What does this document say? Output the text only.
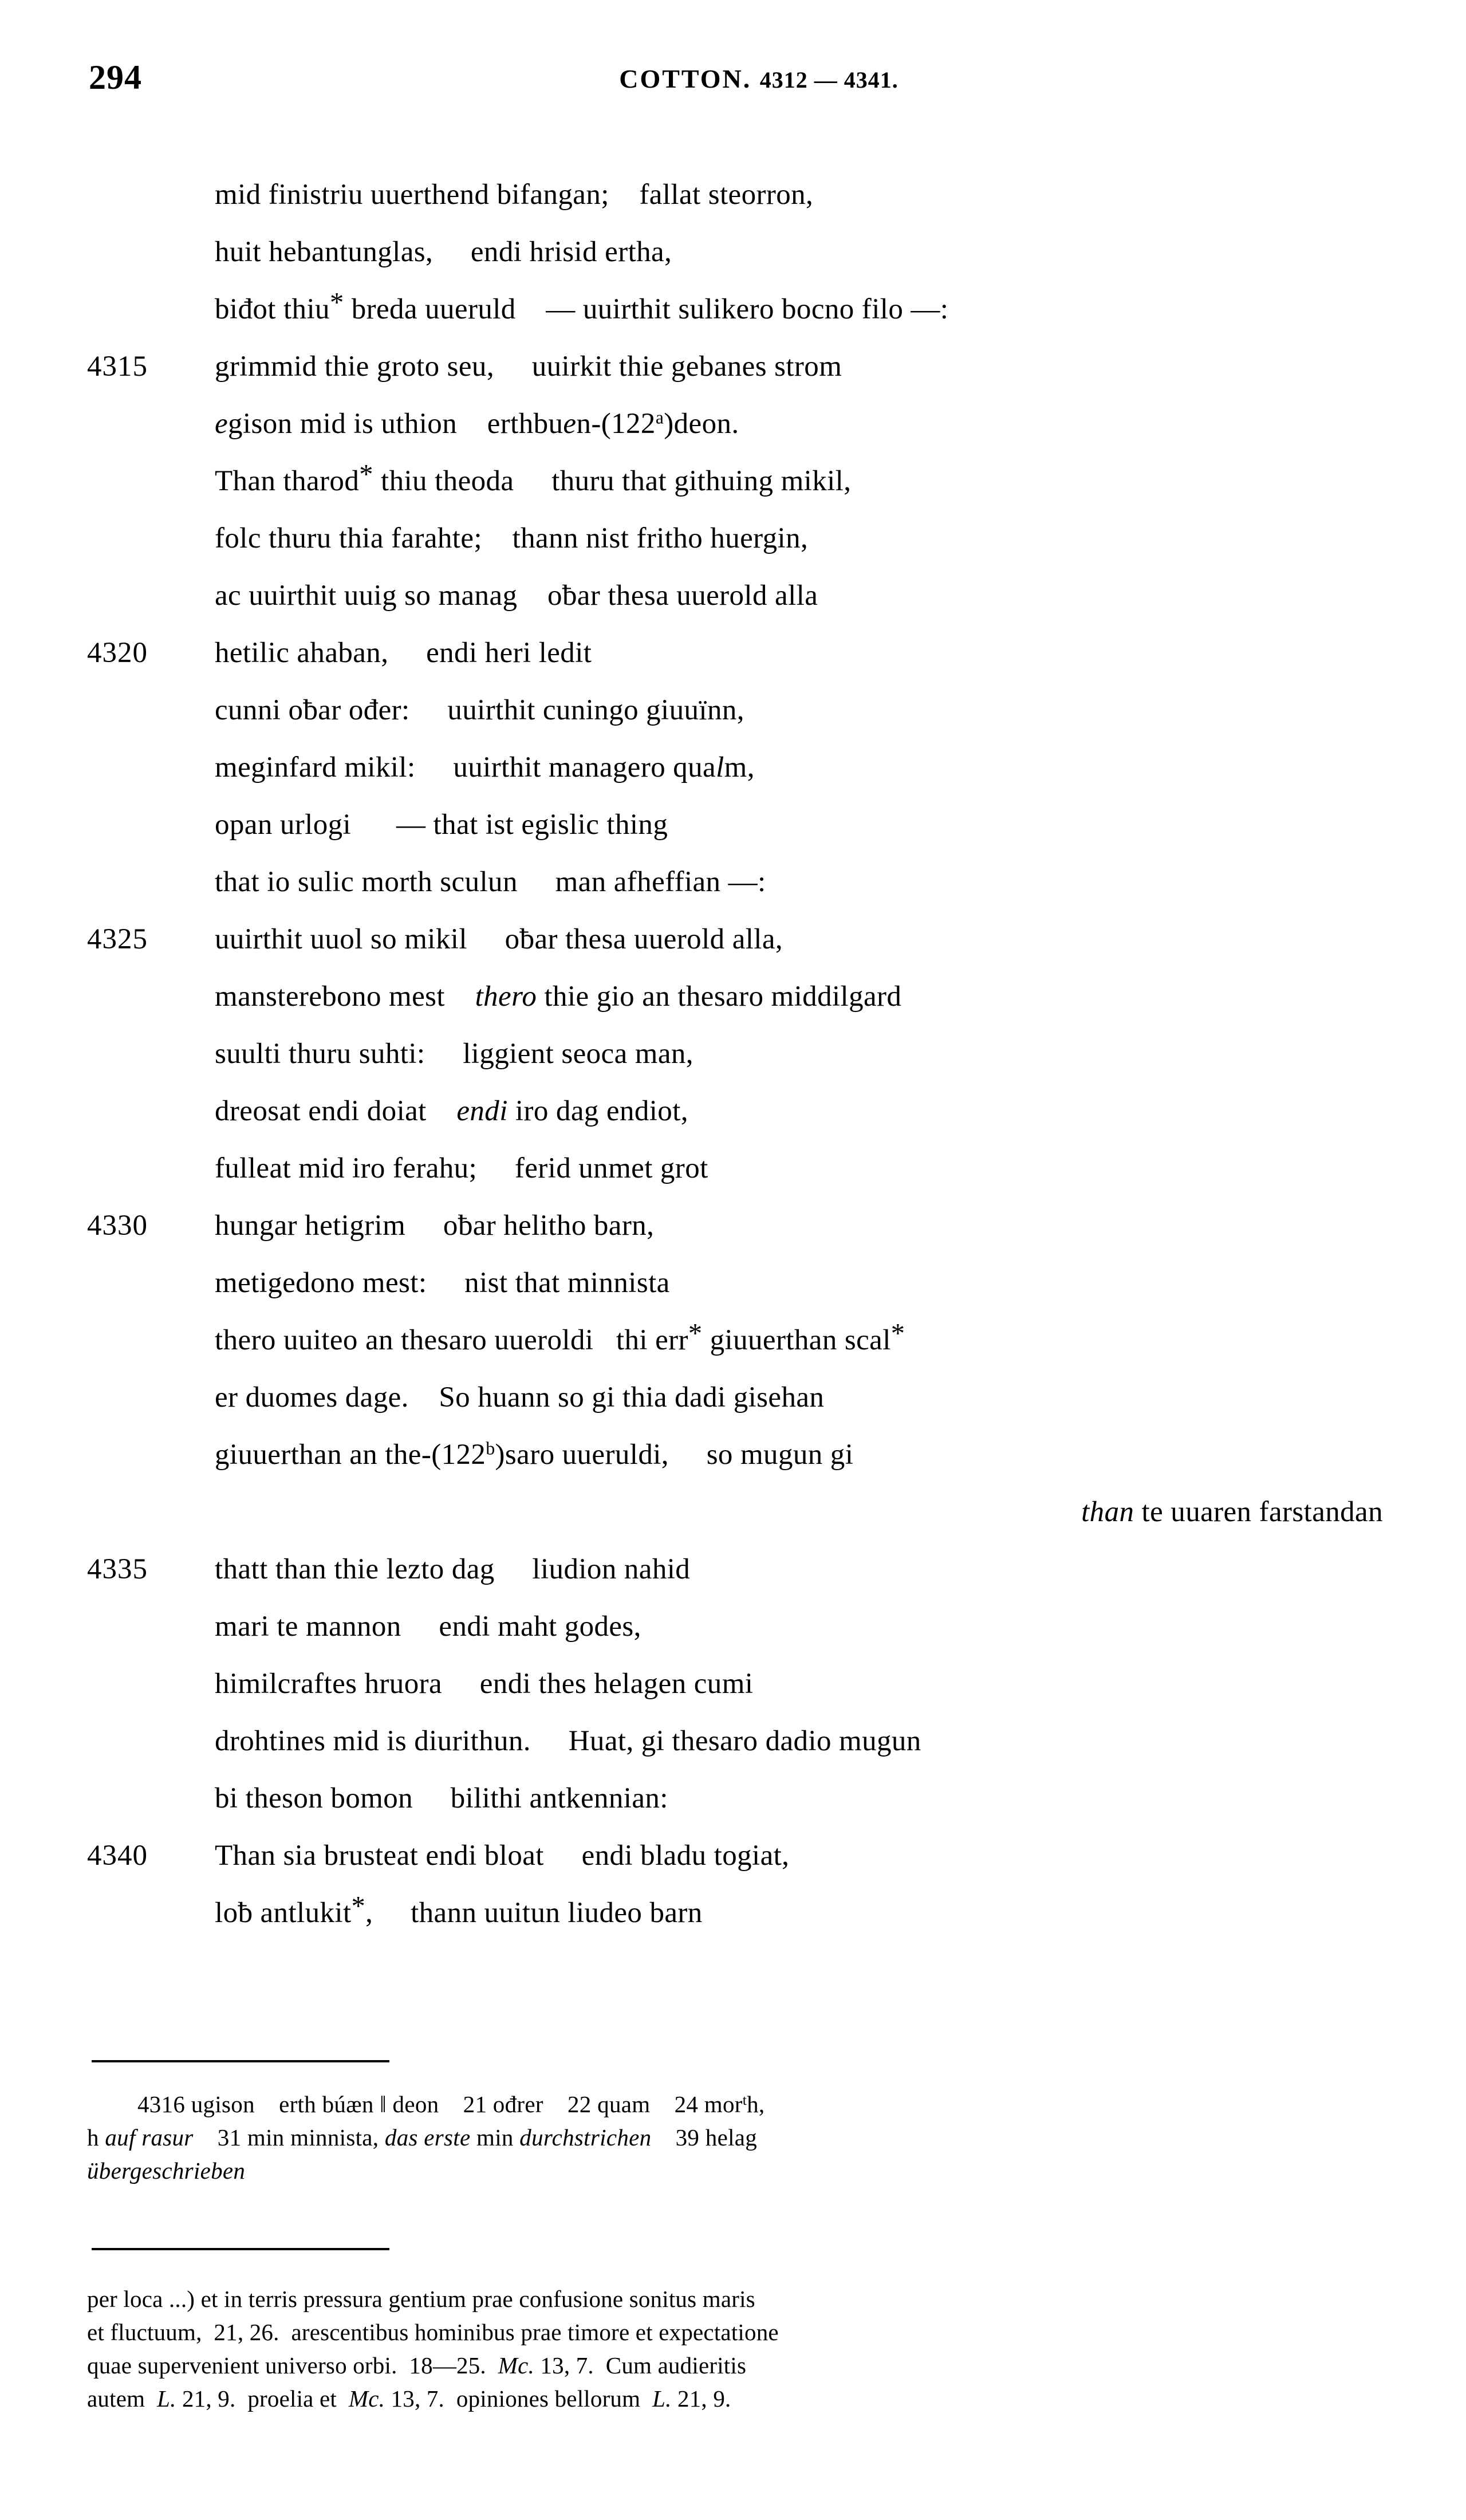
294	COTTON. 4312 — 4341.

mid finistriu uuerthend bifangan;    fallat steorron,

huit hebantunglas,     endi hrisid ertha,

biđot thiu* breda uueruld    — uuirthit sulikero bocno filo —:

4315

	grimmid thie groto seu,     uuirkit thie gebanes strom

egison mid is uthion    erthbuen-(122$^a$)deon.

Than tharod* thiu theoda     thuru that githuing mikil,

folc thuru thia farahte;    thann nist fritho huergin,

ac uuirthit uuig so manag    oƀar thesa uuerold alla

4320

	hetilic ahaban,     endi heri ledit

cunni oƀar ođer:     uuirthit cuningo giuuïnn,

meginfard mikil:     uuirthit managero qualm,

opan urlogi      — that ist egislic thing

that io sulic morth sculun     man afheffian —:

4325

	uuirthit uuol so mikil     oƀar thesa uuerold alla,

mansterebono mest    thero thie gio an thesaro middilgard

suulti thuru suhti:     liggient seoca man,

dreosat endi doiat    endi iro dag endiot,

fulleat mid iro ferahu;     ferid unmet grot

4330

	hungar hetigrim     oƀar helitho barn,

metigedono mest:     nist that minnista

thero uuiteo an thesaro uueroldi   thi err* giuuerthan scal*

er duomes dage.    So huann so gi thia dadi gisehan

giuuerthan an the-(122$^b$)saro uueruldi,     so mugun gi

than te uuaren farstandan

4335

	thatt than thie lezto dag     liudion nahid

mari te mannon     endi maht godes,

himilcraftes hruora     endi thes helagen cumi

drohtines mid is diurithun.     Huat, gi thesaro dadio mugun

bi theson bomon     bilithi antkennian:

4340

	Than sia brusteat endi bloat     endi bladu togiat,

loƀ antlukit*,     thann uuitun liudeo barn

4316 ugison    erth búæn ‖ deon    21 ođrer    22 quam    24 mor$^t$h,
h auf rasur    31 min minnista, das erste min durchstrichen    39 helag
übergeschrieben
per loca ...) et in terris pressura gentium prae confusione sonitus maris
et fluctuum,  21, 26.  arescentibus hominibus prae timore et expectatione
quae supervenient universo orbi.  18—25.  Mc. 13, 7.  Cum audieritis
autem  L. 21, 9.  proelia et  Mc. 13, 7.  opiniones bellorum  L. 21, 9.
